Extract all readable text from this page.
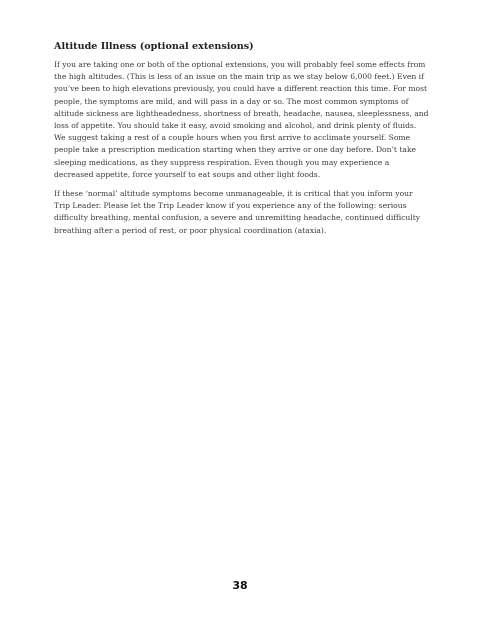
Altitude Illness (optional extensions)

If you are taking one or both of the optional extensions, you will probably feel some effects from the high altitudes. (This is less of an issue on the main trip as we stay below 6,000 feet.) Even if you’ve been to high elevations previously, you could have a different reaction this time. For most people, the symptoms are mild, and will pass in a day or so. The most common symptoms of altitude sickness are lightheadedness, shortness of breath, headache, nausea, sleeplessness, and loss of appetite. You should take it easy, avoid smoking and alcohol, and drink plenty of fluids. We suggest taking a rest of a couple hours when you first arrive to acclimate yourself. Some people take a prescription medication starting when they arrive or one day before. Don’t take sleeping medications, as they suppress respiration. Even though you may experience a decreased appetite, force yourself to eat soups and other light foods.

If these ‘normal’ altitude symptoms become unmanageable, it is critical that you inform your Trip Leader. Please let the Trip Leader know if you experience any of the following: serious difficulty breathing, mental confusion, a severe and unremitting headache, continued difficulty breathing after a period of rest, or poor physical coordination (ataxia).

38
